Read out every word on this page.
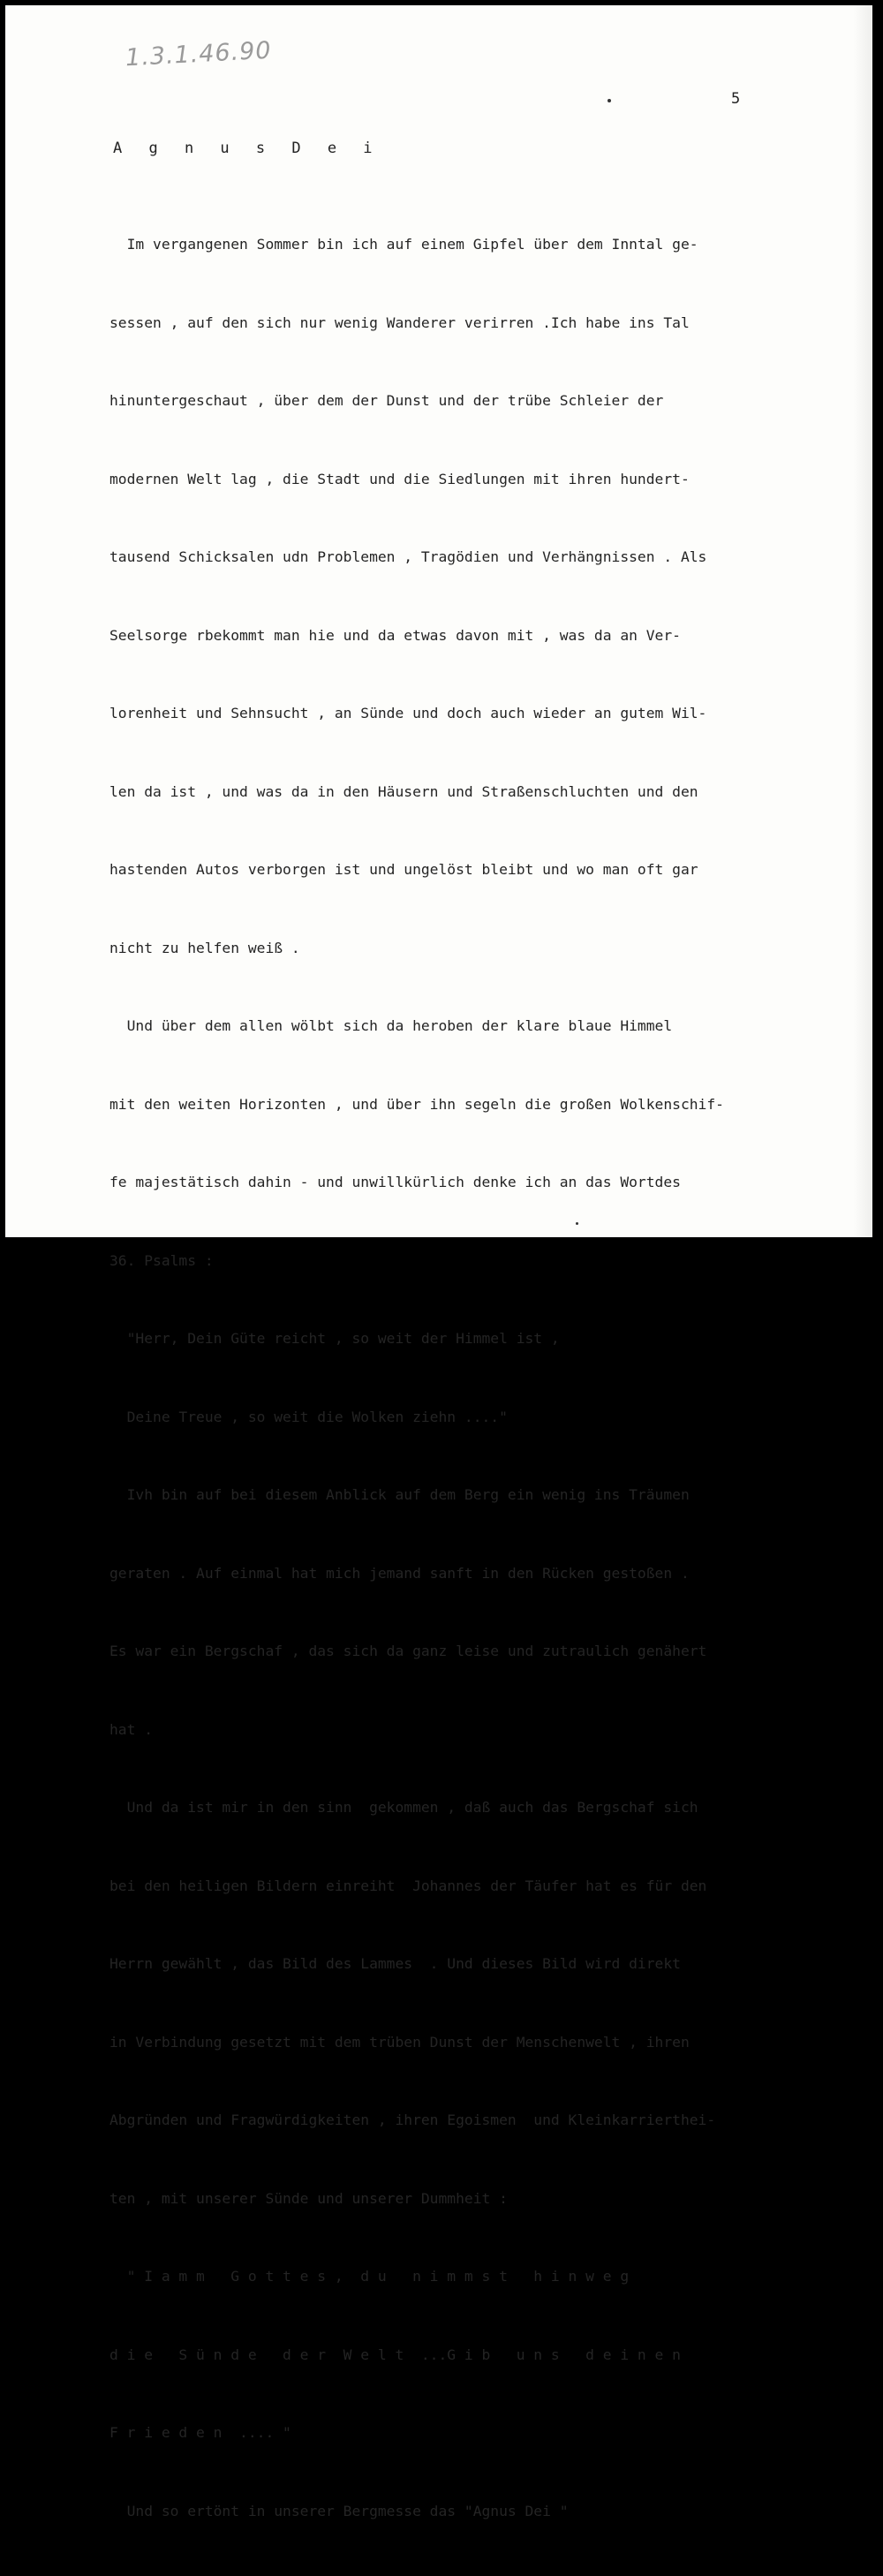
1.3.1.46.90
5
A g n u s D e i

Im vergangenen Sommer bin ich auf einem Gipfel über dem Inntal ge-

sessen , auf den sich nur wenig Wanderer verirren .Ich habe ins Tal

hinuntergeschaut , über dem der Dunst und der trübe Schleier der

modernen Welt lag , die Stadt und die Siedlungen mit ihren hundert-

tausend Schicksalen udn Problemen , Tragödien und Verhängnissen . Als

Seelsorge rbekommt man hie und da etwas davon mit , was da an Ver-

lorenheit und Sehnsucht , an Sünde und doch auch wieder an gutem Wil-

len da ist , und was da in den Häusern und Straßenschluchten und den

hastenden Autos verborgen ist und ungelöst bleibt und wo man oft gar

nicht zu helfen weiß .

Und über dem allen wölbt sich da heroben der klare blaue Himmel

mit den weiten Horizonten , und über ihn segeln die großen Wolkenschif-

fe majestätisch dahin - und unwillkürlich denke ich an das Wortdes

36. Psalms :

"Herr, Dein Güte reicht , so weit der Himmel ist ,

Deine Treue , so weit die Wolken ziehn ...."

Ivh bin auf bei diesem Anblick auf dem Berg ein wenig ins Träumen

geraten . Auf einmal hat mich jemand sanft in den Rücken gestoßen .

Es war ein Bergschaf , das sich da ganz leise und zutraulich genähert

hat .

Und da ist mir in den sinn  gekommen , daß auch das Bergschaf sich

bei den heiligen Bildern einreiht  Johannes der Täufer hat es für den

Herrn gewählt , das Bild des Lammes  . Und dieses Bild wird direkt

in Verbindung gesetzt mit dem trüben Dunst der Menschenwelt , ihren

Abgründen und Fragwürdigkeiten , ihren Egoismen  und Kleinkarrierthei-

ten , mit unserer Sünde und unserer Dummheit :

" I a m m   G o t t e s ,  d u   n i m m s t   h i n w e g

d i e   S ü n d e   d e r  W e l t  ...G i b   u n s   d e i n e n

F r i e d e n  .... "

Und so ertönt in unserer Bergmesse das "Agnus Dei "
